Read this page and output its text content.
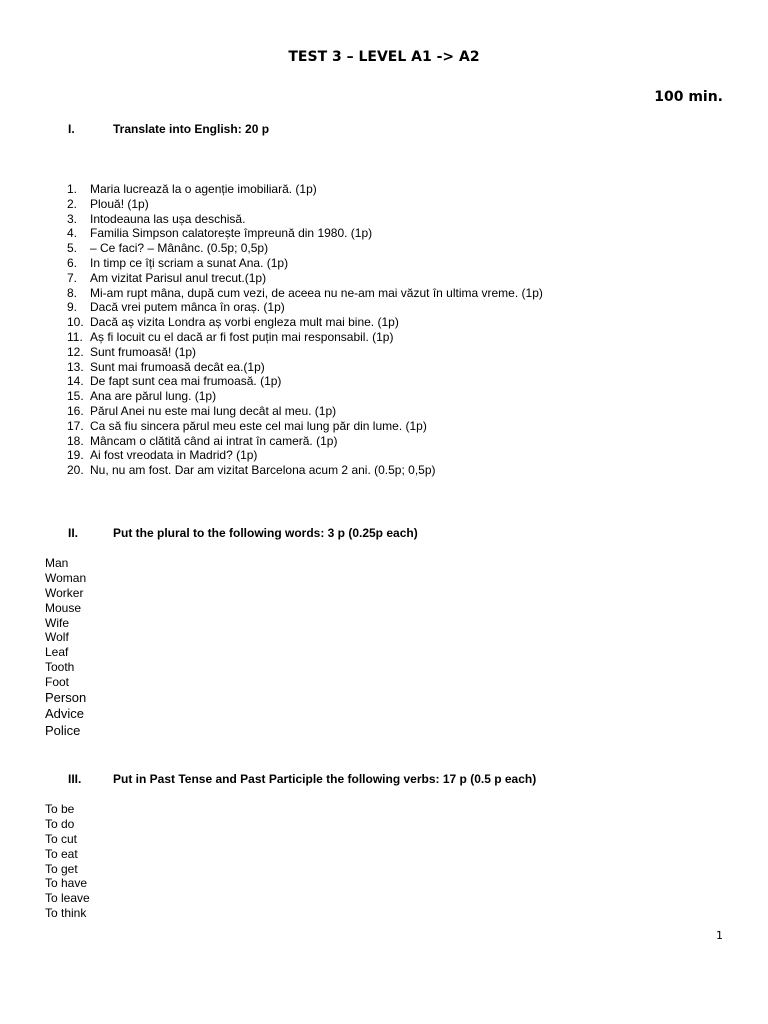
TEST 3 – LEVEL A1 -> A2
100 min.
I.	Translate into English: 20 p
1. Maria lucrează la o agenție imobiliară. (1p)
2. Plouă! (1p)
3. Intodeauna las ușa deschisă.
4. Familia Simpson calatorește împreună din 1980. (1p)
5. – Ce faci? – Mânânc. (0.5p; 0,5p)
6. In timp ce îți scriam a sunat Ana. (1p)
7. Am vizitat Parisul anul trecut.(1p)
8. Mi-am rupt mâna, după cum vezi, de aceea nu ne-am mai văzut în ultima vreme. (1p)
9. Dacă vrei putem mânca în oraș. (1p)
10. Dacă aș vizita Londra aș vorbi engleza mult mai bine. (1p)
11. Aș fi locuit cu el dacă ar fi fost puțin mai responsabil. (1p)
12. Sunt frumoasă! (1p)
13. Sunt mai frumoasă decât ea.(1p)
14. De fapt sunt cea mai frumoasă. (1p)
15. Ana are părul lung. (1p)
16. Părul Anei nu este mai lung decât al meu. (1p)
17. Ca să fiu sincera părul meu este cel mai lung păr din lume. (1p)
18. Mâncam o clătită când ai intrat în cameră. (1p)
19. Ai fost vreodata in Madrid? (1p)
20. Nu, nu am fost. Dar am vizitat Barcelona acum 2 ani. (0.5p; 0,5p)
II.	Put the plural to the following words: 3 p (0.25p each)
Man
Woman
Worker
Mouse
Wife
Wolf
Leaf
Tooth
Foot
Person
Advice
Police
III.	Put in Past Tense and Past Participle the following verbs: 17 p (0.5 p each)
To be
To do
To cut
To eat
To get
To have
To leave
To think
1
